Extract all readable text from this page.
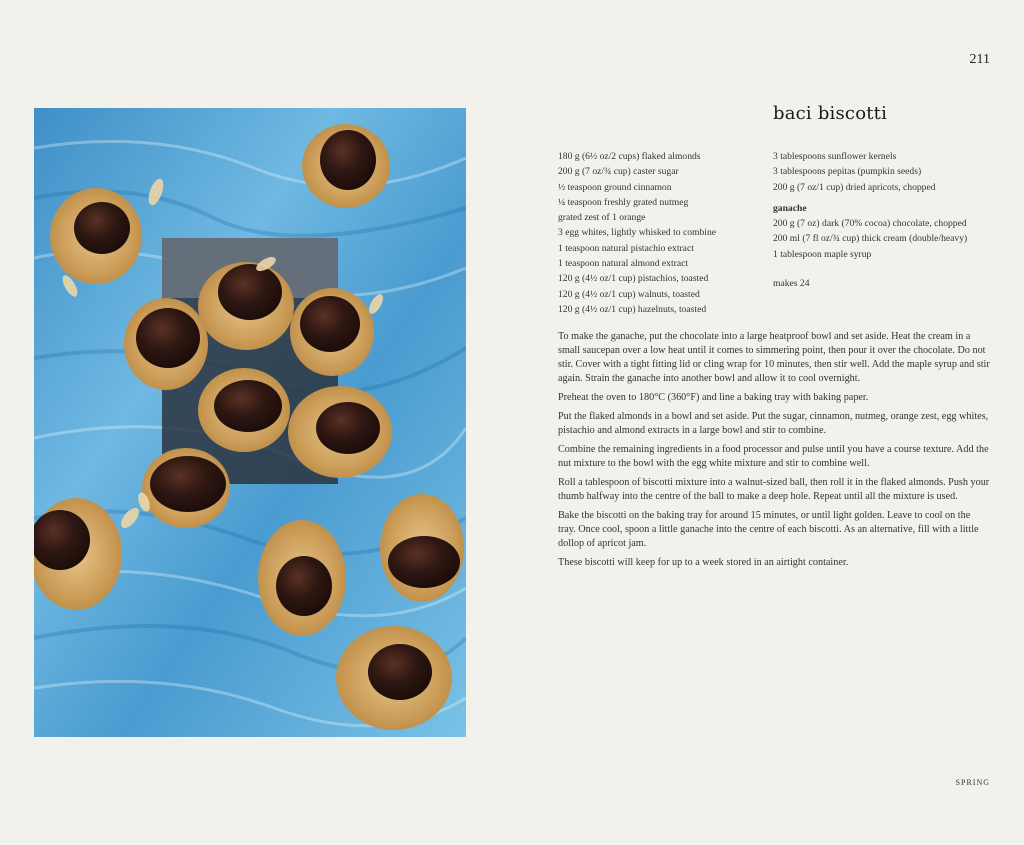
211
baci biscotti
180 g (6½ oz/2 cups) flaked almonds
200 g (7 oz/¾ cup) caster sugar
½ teaspoon ground cinnamon
¼ teaspoon freshly grated nutmeg
grated zest of 1 orange
3 egg whites, lightly whisked to combine
1 teaspoon natural pistachio extract
1 teaspoon natural almond extract
120 g (4½ oz/1 cup) pistachios, toasted
120 g (4½ oz/1 cup) walnuts, toasted
120 g (4½ oz/1 cup) hazelnuts, toasted
3 tablespoons sunflower kernels
3 tablespoons pepitas (pumpkin seeds)
200 g (7 oz/1 cup) dried apricots, chopped
ganache
200 g (7 oz) dark (70% cocoa) chocolate, chopped
200 ml (7 fl oz/¾ cup) thick cream (double/heavy)
1 tablespoon maple syrup
makes 24

To make the ganache, put the chocolate into a large heatproof bowl and set aside. Heat the cream in a small saucepan over a low heat until it comes to simmering point, then pour it over the chocolate. Do not stir. Cover with a tight fitting lid or cling wrap for 10 minutes, then stir well. Add the maple syrup and stir again. Strain the ganache into another bowl and allow it to cool overnight.

Preheat the oven to 180°C (360°F) and line a baking tray with baking paper.

Put the flaked almonds in a bowl and set aside. Put the sugar, cinnamon, nutmeg, orange zest, egg whites, pistachio and almond extracts in a large bowl and stir to combine.

Combine the remaining ingredients in a food processor and pulse until you have a course texture. Add the nut mixture to the bowl with the egg white mixture and stir to combine well.

Roll a tablespoon of biscotti mixture into a walnut-sized ball, then roll it in the flaked almonds. Push your thumb halfway into the centre of the ball to make a deep hole. Repeat until all the mixture is used.

Bake the biscotti on the baking tray for around 15 minutes, or until light golden. Leave to cool on the tray. Once cool, spoon a little ganache into the centre of each biscotti. As an alternative, fill with a little dollop of apricot jam.

These biscotti will keep for up to a week stored in an airtight container.

SPRING
